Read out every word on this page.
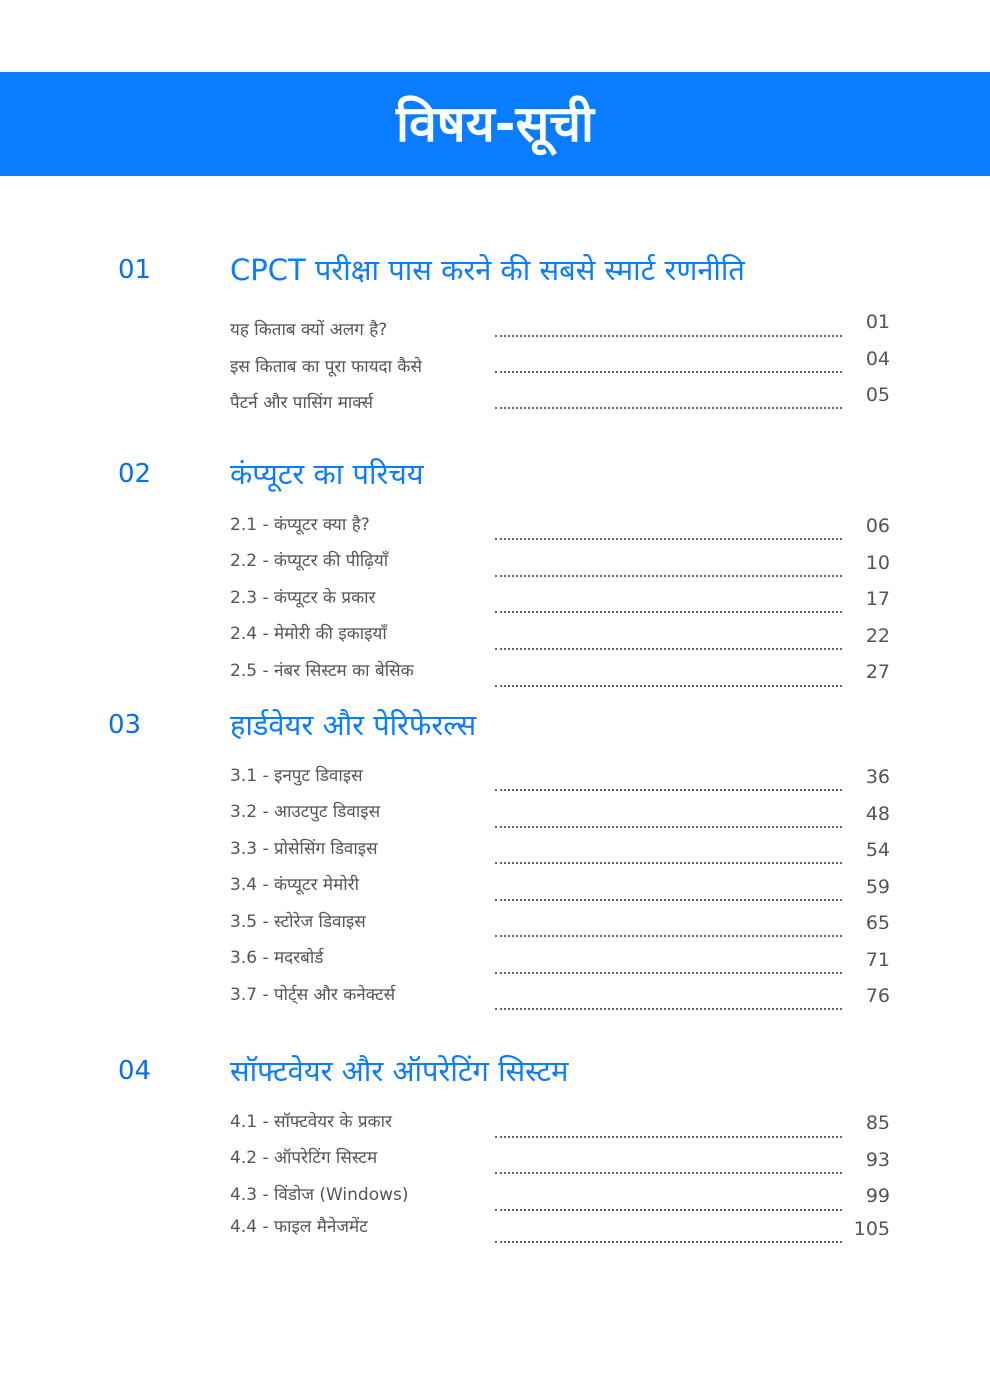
विषय-सूची
01	CPCT परीक्षा पास करने की सबसे स्मार्ट रणनीति
यह किताब क्यों अलग है?	01
इस किताब का पूरा फायदा कैसे	04
पैटर्न और पासिंग मार्क्स	05
02	कंप्यूटर का परिचय
2.1 - कंप्यूटर क्या है?	06
2.2 - कंप्यूटर की पीढ़ियाँ	10
2.3 - कंप्यूटर के प्रकार	17
2.4 - मेमोरी की इकाइयाँ	22
2.5 - नंबर सिस्टम का बेसिक	27
03	हार्डवेयर और पेरिफेरल्स
3.1 - इनपुट डिवाइस	36
3.2 - आउटपुट डिवाइस	48
3.3 - प्रोसेसिंग डिवाइस	54
3.4 - कंप्यूटर मेमोरी	59
3.5 - स्टोरेज डिवाइस	65
3.6 - मदरबोर्ड	71
3.7 - पोर्ट्स और कनेक्टर्स	76
04	सॉफ्टवेयर और ऑपरेटिंग सिस्टम
4.1 - सॉफ्टवेयर के प्रकार	85
4.2 - ऑपरेटिंग सिस्टम	93
4.3 - विंडोज (Windows)	99
4.4 - फाइल मैनेजमेंट	105
